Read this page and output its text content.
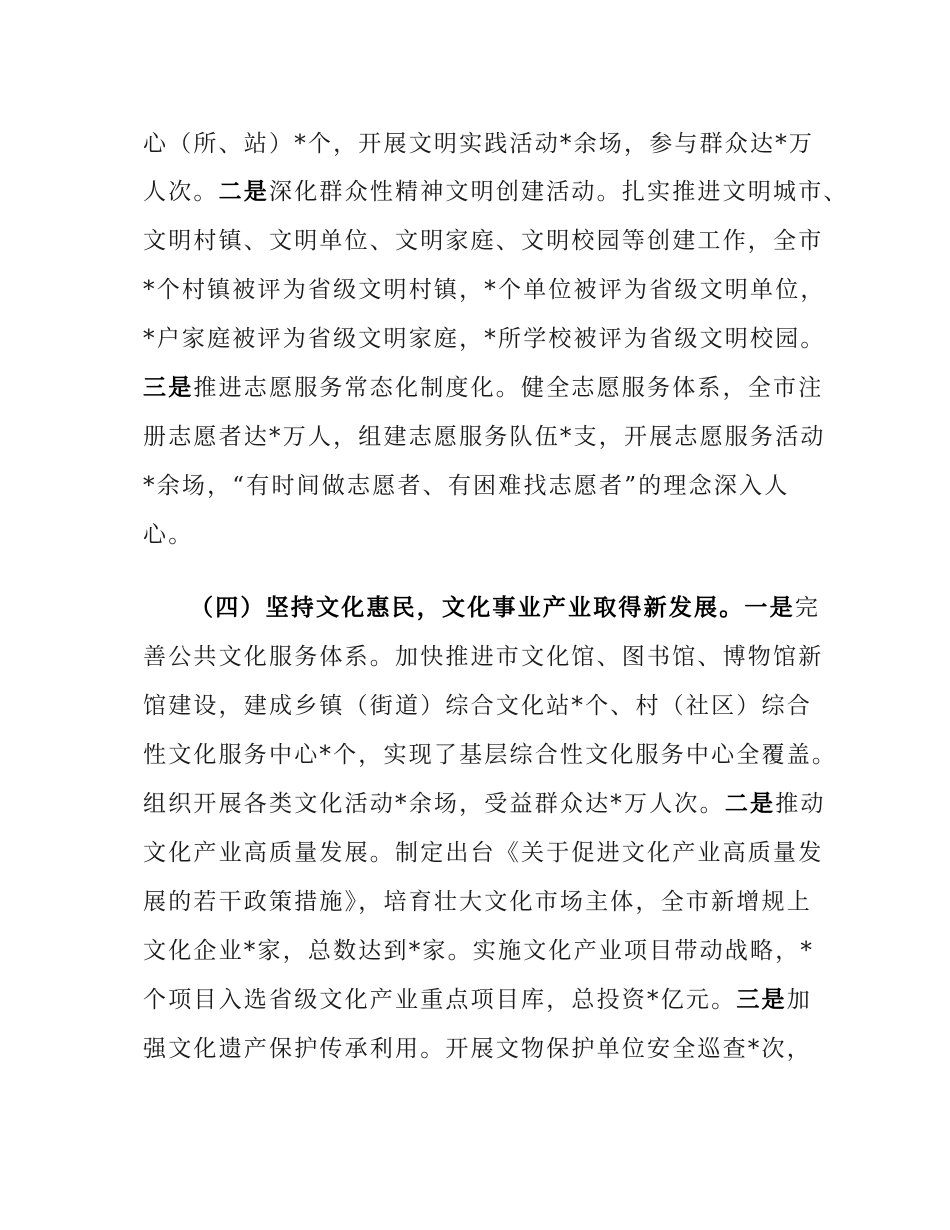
心（所、站）*个，开展文明实践活动*余场，参与群众达*万
人次。二是深化群众性精神文明创建活动。扎实推进文明城市、
文明村镇、文明单位、文明家庭、文明校园等创建工作，全市
*个村镇被评为省级文明村镇，*个单位被评为省级文明单位，
*户家庭被评为省级文明家庭，*所学校被评为省级文明校园。
三是推进志愿服务常态化制度化。健全志愿服务体系，全市注
册志愿者达*万人，组建志愿服务队伍*支，开展志愿服务活动
*余场，“有时间做志愿者、有困难找志愿者”的理念深入人
心。
（四）坚持文化惠民，文化事业产业取得新发展。一是完
善公共文化服务体系。加快推进市文化馆、图书馆、博物馆新
馆建设，建成乡镇（街道）综合文化站*个、村（社区）综合
性文化服务中心*个，实现了基层综合性文化服务中心全覆盖。
组织开展各类文化活动*余场，受益群众达*万人次。二是推动
文化产业高质量发展。制定出台《关于促进文化产业高质量发
展的若干政策措施》，培育壮大文化市场主体，全市新增规上
文化企业*家，总数达到*家。实施文化产业项目带动战略，*
个项目入选省级文化产业重点项目库，总投资*亿元。三是加
强文化遗产保护传承利用。开展文物保护单位安全巡查*次，
